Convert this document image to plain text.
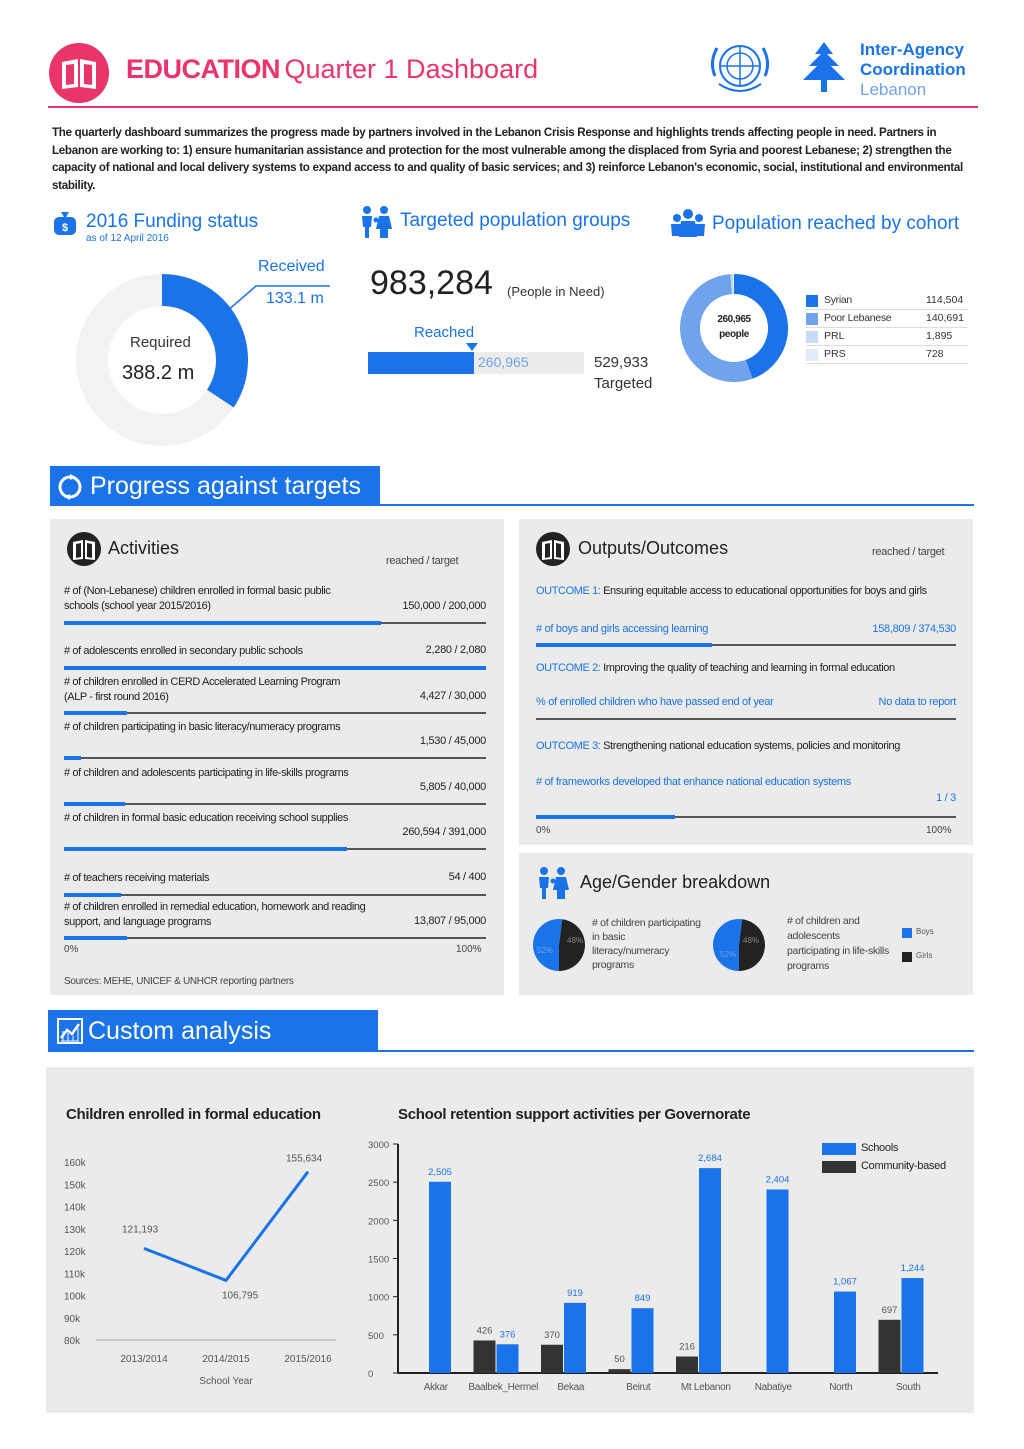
EDUCATION Quarter 1 Dashboard
Inter-Agency
Coordination
Lebanon
The quarterly dashboard summarizes the progress made by partners involved in the Lebanon Crisis Response and highlights trends affecting people in need. Partners in Lebanon are working to: 1) ensure humanitarian assistance and protection for the most vulnerable among the displaced from Syria and poorest Lebanese; 2) strengthen the capacity of national and local delivery systems to expand access to and quality of basic services; and 3) reinforce Lebanon's economic, social, institutional and environmental stability.
$ 2016 Funding status
as of 12 April 2016
Received
133.1 m
Required
388.2 m
Targeted population groups
983,284 (People in Need)
Reached
260,965	529,933
Targeted
Population reached by cohort
260,965
people
Syrian	114,504
Poor Lebanese	140,691
PRL	1,895
PRS	728
Progress against targets
Activities
reached / target
# of (Non-Lebanese) children enrolled in formal basic public schools (school year 2015/2016)	150,000 / 200,000
# of adolescents enrolled in secondary public schools	2,280 / 2,080
# of children enrolled in CERD Accelerated Learning Program (ALP - first round 2016)	4,427 / 30,000
# of children participating in basic literacy/numeracy programs
1,530 / 45,000
# of children and adolescents participating in life-skills programs
5,805 / 40,000
# of children in formal basic education receiving school supplies
260,594 / 391,000
# of teachers receiving materials	54 / 400
# of children enrolled in remedial education, homework and reading support, and language programs	13,807 / 95,000
0%	100%
Sources: MEHE, UNICEF & UNHCR reporting partners
Outputs/Outcomes	reached / target
OUTCOME 1: Ensuring equitable access to educational opportunities for boys and girls
# of boys and girls accessing learning	158,809 / 374,530
OUTCOME 2: Improving the quality of teaching and learning in formal education
% of enrolled children who have passed end of year	No data to report
OUTCOME 3: Strengthening national education systems, policies and monitoring
# of frameworks developed that enhance national education systems
1 / 3
0%	100%
Age/Gender breakdown
52%
48%
# of children participating in basic literacy/numeracy programs
52%
48%
# of children and adolescents participating in life-skills programs
Boys
Girls
Custom analysis
Children enrolled in formal education
80k
90k
100k
110k
120k
130k
140k
150k
160k
121,193
2013/2014
106,795
2014/2015
155,634
2015/2016
School Year
School retention support activities per Governorate
0
500
1000
1500
2000
2500
3000
2,505
Akkar
426 376
Baalbek_Hermel
370
919
Bekaa
50
849
Beirut
216
2,684
Mt Lebanon
2,404
Nabatiye
1,067
North
697
1,244
South
Schools
Community-based
